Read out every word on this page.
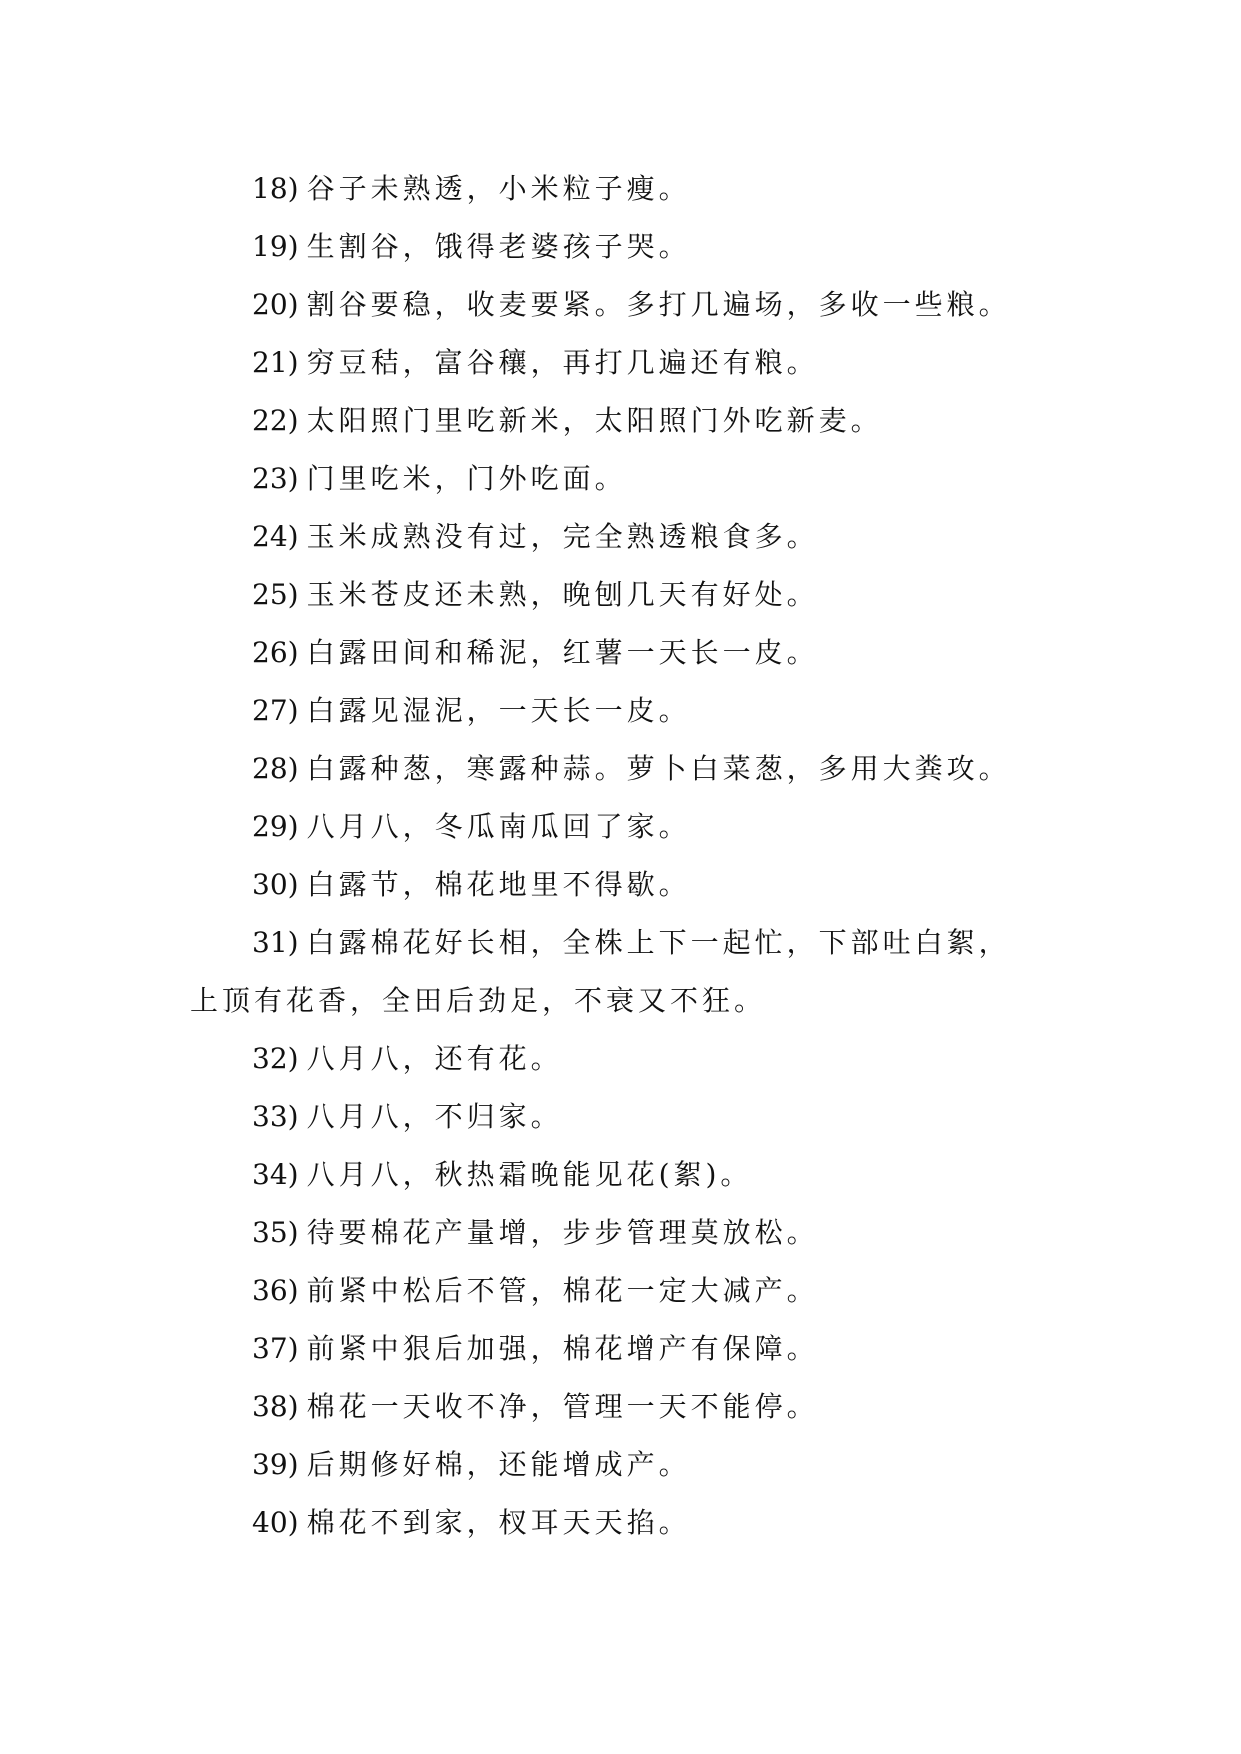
18) 谷子未熟透，小米粒子瘦。
19) 生割谷，饿得老婆孩子哭。
20) 割谷要稳，收麦要紧。多打几遍场，多收一些粮。
21) 穷豆秸，富谷穰，再打几遍还有粮。
22) 太阳照门里吃新米，太阳照门外吃新麦。
23) 门里吃米，门外吃面。
24) 玉米成熟没有过，完全熟透粮食多。
25) 玉米苍皮还未熟，晚刨几天有好处。
26) 白露田间和稀泥，红薯一天长一皮。
27) 白露见湿泥，一天长一皮。
28) 白露种葱，寒露种蒜。萝卜白菜葱，多用大粪攻。
29) 八月八，冬瓜南瓜回了家。
30) 白露节，棉花地里不得歇。
31) 白露棉花好长相，全株上下一起忙，下部吐白絮，
上顶有花香，全田后劲足，不衰又不狂。
32) 八月八，还有花。
33) 八月八，不归家。
34) 八月八，秋热霜晚能见花(絮)。
35) 待要棉花产量增，步步管理莫放松。
36) 前紧中松后不管，棉花一定大减产。
37) 前紧中狠后加强，棉花增产有保障。
38) 棉花一天收不净，管理一天不能停。
39) 后期修好棉，还能增成产。
40) 棉花不到家，杈耳天天掐。
